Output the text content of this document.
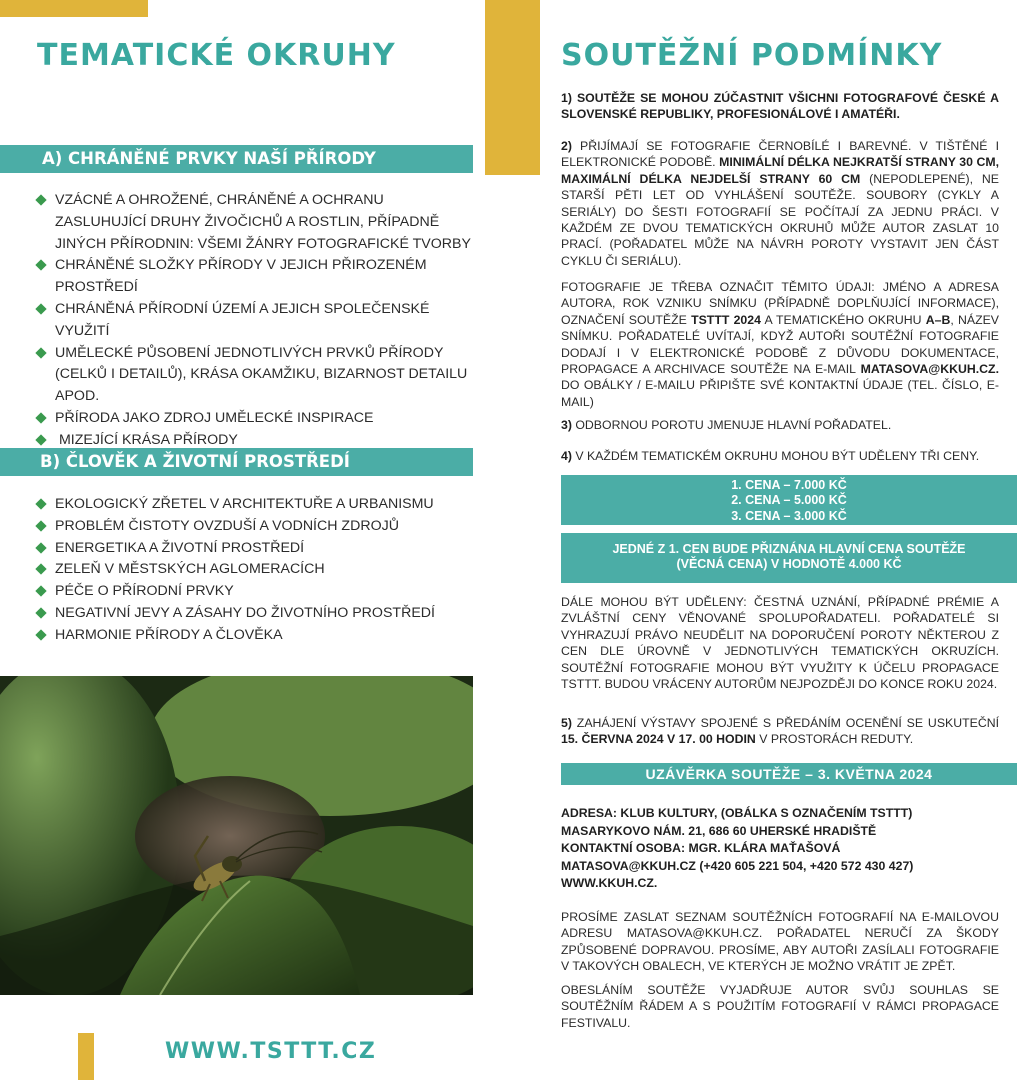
TEMATICKÉ OKRUHY
A) CHRÁNĚNÉ PRVKY NAŠÍ PŘÍRODY
VZÁCNÉ A OHROŽENÉ, CHRÁNĚNÉ A OCHRANU ZASLUHUJÍCÍ DRUHY ŽIVOČICHŮ A ROSTLIN, PŘÍPADNĚ JINÝCH PŘÍRODNIN: VŠEMI ŽÁNRY FOTOGRAFICKÉ TVORBY
CHRÁNĚNÉ SLOŽKY PŘÍRODY V JEJICH PŘIROZENÉM PROSTŘEDÍ
CHRÁNĚNÁ PŘÍRODNÍ ÚZEMÍ A JEJICH SPOLEČENSKÉ VYUŽITÍ
UMĚLECKÉ PŮSOBENÍ JEDNOTLIVÝCH PRVKŮ PŘÍRODY (CELKŮ I DETAILŮ), KRÁSA OKAMŽIKU, BIZARNOST DETAILU APOD.
PŘÍRODA JAKO ZDROJ UMĚLECKÉ INSPIRACE
MIZEJÍCÍ KRÁSA PŘÍRODY
B) ČLOVĚK A ŽIVOTNÍ PROSTŘEDÍ
EKOLOGICKÝ ZŘETEL V ARCHITEKTUŘE A URBANISMU
PROBLÉM ČISTOTY OVZDUŠÍ A VODNÍCH ZDROJŮ
ENERGETIKA A ŽIVOTNÍ PROSTŘEDÍ
ZELEŇ V MĚSTSKÝCH AGLOMERACÍCH
PÉČE O PŘÍRODNÍ PRVKY
NEGATIVNÍ JEVY A ZÁSAHY DO ŽIVOTNÍHO PROSTŘEDÍ
HARMONIE PŘÍRODY A ČLOVĚKA
WWW.TSTTT.CZ
SOUTĚŽNÍ PODMÍNKY
1) SOUTĚŽE SE MOHOU ZÚČASTNIT VŠICHNI FOTOGRAFOVÉ ČESKÉ A SLOVENSKÉ REPUBLIKY, PROFESIONÁLOVÉ I AMATÉŘI.
2) PŘIJÍMAJÍ SE FOTOGRAFIE ČERNOBÍLÉ I BAREVNÉ. V TIŠTĚNÉ I ELEKTRONICKÉ PODOBĚ. MINIMÁLNÍ DÉLKA NEJKRATŠÍ STRANY 30 CM, MAXIMÁLNÍ DÉLKA NEJDELŠÍ STRANY 60 CM (NEPODLEPENÉ), NE STARŠÍ PĚTI LET OD VYHLÁŠENÍ SOUTĚŽE. SOUBORY (CYKLY A SERIÁLY) DO ŠESTI FOTOGRAFIÍ SE POČÍTAJÍ ZA JEDNU PRÁCI. V KAŽDÉM ZE DVOU TEMATICKÝCH OKRUHŮ MŮŽE AUTOR ZASLAT 10 PRACÍ. (POŘADATEL MŮŽE NA NÁVRH POROTY VYSTAVIT JEN ČÁST CYKLU ČI SERIÁLU).
FOTOGRAFIE JE TŘEBA OZNAČIT TĚMITO ÚDAJI: JMÉNO A ADRESA AUTORA, ROK VZNIKU SNÍMKU (PŘÍPADNĚ DOPLŇUJÍCÍ INFORMACE), OZNAČENÍ SOUTĚŽE TSTTT 2024 A TEMATICKÉHO OKRUHU A–B, NÁZEV SNÍMKU. POŘADATELÉ UVÍTAJÍ, KDYŽ AUTOŘI SOUTĚŽNÍ FOTOGRAFIE DODAJÍ I V ELEKTRONICKÉ PODOBĚ Z DŮVODU DOKUMENTACE, PROPAGACE A ARCHIVACE SOUTĚŽE NA E-MAIL MATASOVA@KKUH.CZ. DO OBÁLKY / E-MAILU PŘIPIŠTE SVÉ KONTAKTNÍ ÚDAJE (TEL. ČÍSLO, E-MAIL)
3) ODBORNOU POROTU JMENUJE HLAVNÍ POŘADATEL.
4) V KAŽDÉM TEMATICKÉM OKRUHU MOHOU BÝT UDĚLENY TŘI CENY.
1. CENA – 7.000 KČ
2. CENA – 5.000 KČ
3. CENA – 3.000 KČ
JEDNÉ Z 1. CEN BUDE PŘIZNÁNA HLAVNÍ CENA SOUTĚŽE
(VĚCNÁ CENA) V HODNOTĚ 4.000 KČ
DÁLE MOHOU BÝT UDĚLENY: ČESTNÁ UZNÁNÍ, PŘÍPADNÉ PRÉMIE A ZVLÁŠTNÍ CENY VĚNOVANÉ SPOLUPOŘADATELI. POŘADATELÉ SI VYHRAZUJÍ PRÁVO NEUDĚLIT NA DOPORUČENÍ POROTY NĚKTEROU Z CEN DLE ÚROVNĚ V JEDNOTLIVÝCH TEMATICKÝCH OKRUZÍCH. SOUTĚŽNÍ FOTOGRAFIE MOHOU BÝT VYUŽITY K ÚČELU PROPAGACE TSTTT. BUDOU VRÁCENY AUTORŮM NEJPOZDĚJI DO KONCE ROKU 2024.
5) ZAHÁJENÍ VÝSTAVY SPOJENÉ S PŘEDÁNÍM OCENĚNÍ SE USKUTEČNÍ 15. ČERVNA 2024 V 17. 00 HODIN V PROSTORÁCH REDUTY.
UZÁVĚRKA SOUTĚŽE – 3. KVĚTNA 2024
ADRESA: KLUB KULTURY, (OBÁLKA S OZNAČENÍM TSTTT)
MASARYKOVO NÁM. 21, 686 60 UHERSKÉ HRADIŠTĚ
KONTAKTNÍ OSOBA: MGR. KLÁRA MAŤAŠOVÁ
MATASOVA@KKUH.CZ (+420 605 221 504, +420 572 430 427)
WWW.KKUH.CZ.
PROSÍME ZASLAT SEZNAM SOUTĚŽNÍCH FOTOGRAFIÍ NA E-MAILOVOU ADRESU MATASOVA@KKUH.CZ. POŘADATEL NERUČÍ ZA ŠKODY ZPŮSOBENÉ DOPRAVOU. PROSÍME, ABY AUTOŘI ZASÍLALI FOTOGRAFIE V TAKOVÝCH OBALECH, VE KTERÝCH JE MOŽNO VRÁTIT JE ZPĚT.
OBESLÁNÍM SOUTĚŽE VYJADŘUJE AUTOR SVŮJ SOUHLAS SE SOUTĚŽNÍM ŘÁDEM A S POUŽITÍM FOTOGRAFIÍ V RÁMCI PROPAGACE FESTIVALU.
